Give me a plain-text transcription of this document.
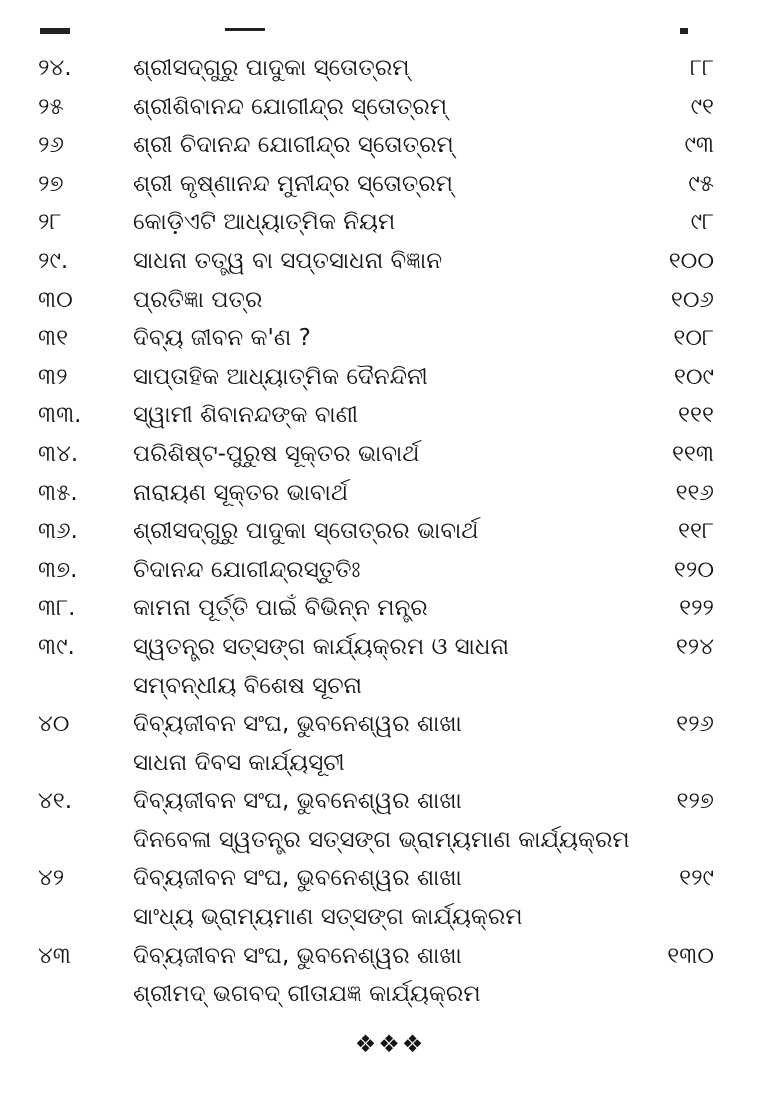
୨୪.	ଶ୍ରୀସଦ୍‌ଗୁରୁ ପାଦୁକା ସ୍ତୋତ୍ରମ୍	୮୮
୨୫	ଶ୍ରୀଶିବାନନ୍ଦ ଯୋଗୀନ୍ଦ୍ର ସ୍ତୋତ୍ରମ୍	୯୧
୨୬	ଶ୍ରୀ ଚିଦାନନ୍ଦ ଯୋଗୀନ୍ଦ୍ର ସ୍ତୋତ୍ରମ୍	୯୩
୨୭	ଶ୍ରୀ କୃଷ୍ଣାନନ୍ଦ ମୁନୀନ୍ଦ୍ର ସ୍ତୋତ୍ରମ୍	୯୫
୨୮	କୋଡ଼ିଏଟି ଆଧ୍ୟାତ୍ମିକ ନିୟମ	୯୮
୨୯.	ସାଧନା ତତ୍ତ୍ୱ ବା ସପ୍ତସାଧନା ବିଜ୍ଞାନ	୧୦୦
୩୦	ପ୍ରତିଜ୍ଞା ପତ୍ର	୧୦୬
୩୧	ଦିବ୍ୟ ଜୀବନ କ'ଣ ?	୧୦୮
୩୨	ସାପ୍ତାହିକ ଆଧ୍ୟାତ୍ମିକ ଦୈନନ୍ଦିନୀ	୧୦୯
୩୩. ସ୍ୱାମୀ ଶିବାନନ୍ଦଙ୍କ ବାଣୀ	୧୧୧
୩୪. ପରିଶିଷ୍ଟ-ପୁରୁଷ ସୂକ୍ତର ଭାବାର୍ଥ	୧୧୩
୩୫. ନାରାୟଣ ସୂକ୍ତର ଭାବାର୍ଥ	୧୧୬
୩୬. ଶ୍ରୀସଦ୍‌ଗୁରୁ ପାଦୁକା ସ୍ତୋତ୍ରର ଭାବାର୍ଥ	୧୧୮
୩୭. ଚିଦାନନ୍ଦ ଯୋଗୀନ୍ଦ୍ରସ୍ତୁତିଃ	୧୨୦
୩୮.	କାମନା ପୂର୍ତ୍ତି ପାଇଁ ବିଭିନ୍ନ ମନ୍ତ୍ର	୧୨୨
୩୯.	ସ୍ୱତନ୍ତ୍ର ସତ୍‌ସଙ୍ଗ କାର୍ଯ୍ୟକ୍ରମ ଓ ସାଧନା	୧୨୪
ସମ୍ବନ୍ଧୀୟ ବିଶେଷ ସୂଚନା
୪୦	ଦିବ୍ୟଜୀବନ ସଂଘ, ଭୁବନେଶ୍ୱର ଶାଖା	୧୨୬
ସାଧନା ଦିବସ କାର୍ଯ୍ୟସୂଚୀ
୪୧.	ଦିବ୍ୟଜୀବନ ସଂଘ, ଭୁବନେଶ୍ୱର ଶାଖା	୧୨୭
ଦିନବେଳା ସ୍ୱତନ୍ତ୍ର ସତ୍‌ସଙ୍ଗ ଭ୍ରାମ୍ୟମାଣ କାର୍ଯ୍ୟକ୍ରମ
୪୨	ଦିବ୍ୟଜୀବନ ସଂଘ, ଭୁବନେଶ୍ୱର ଶାଖା	୧୨୯
ସାଂଧ୍ୟ ଭ୍ରାମ୍ୟମାଣ ସତ୍‌ସଙ୍ଗ କାର୍ଯ୍ୟକ୍ରମ
୪୩	ଦିବ୍ୟଜୀବନ ସଂଘ, ଭୁବନେଶ୍ୱର ଶାଖା	୧୩୦
ଶ୍ରୀମଦ୍ ଭଗବଦ୍ ଗୀତାଯଜ୍ଞ କାର୍ଯ୍ୟକ୍ରମ
❖❖❖
